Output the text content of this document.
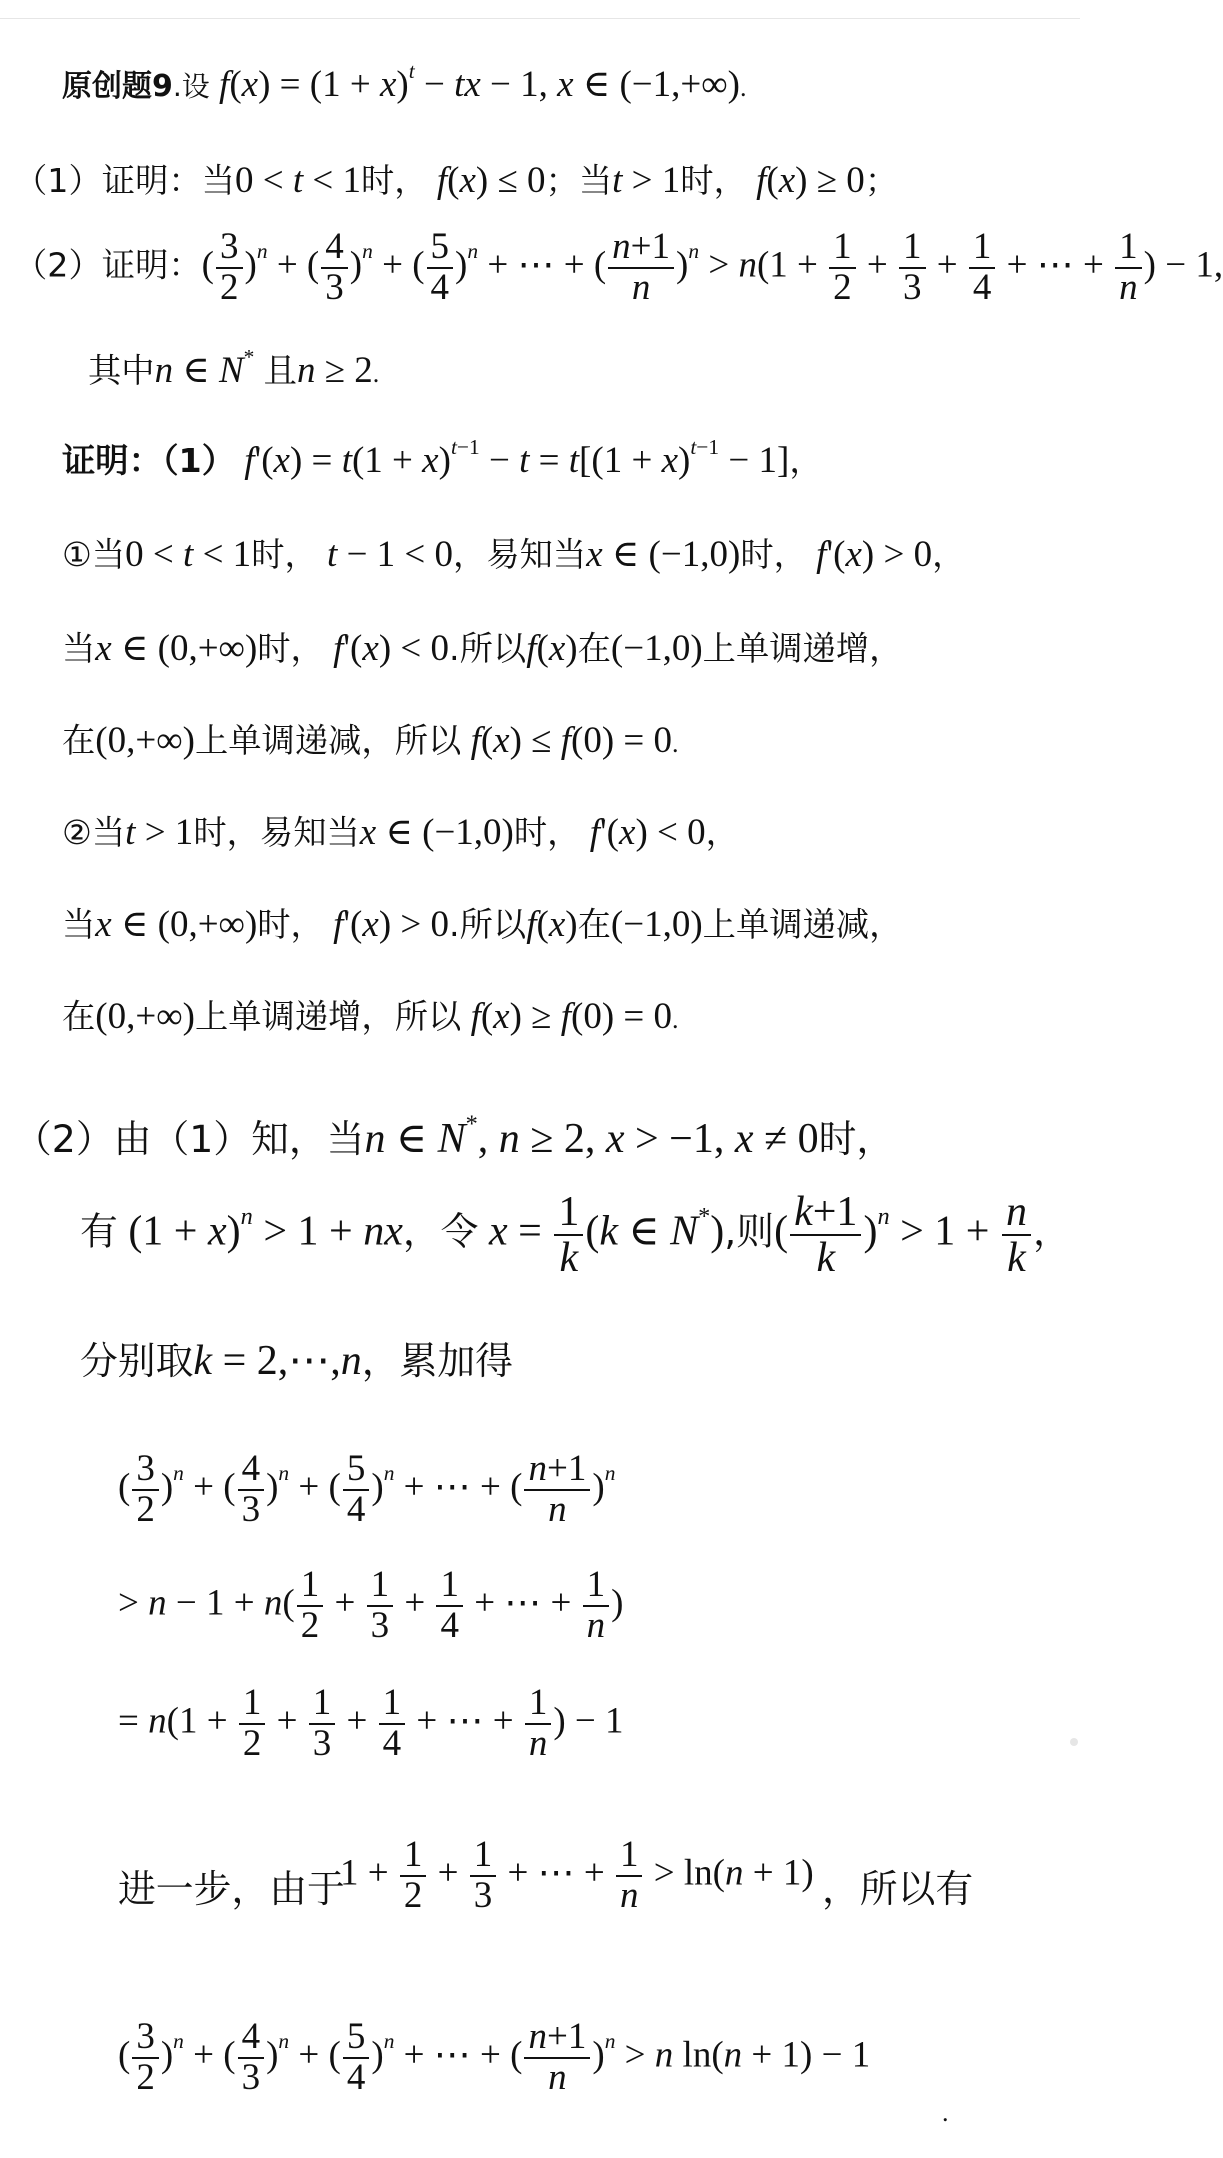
原创题9.设 $f(x) = (1 + x)^t$ − tx − 1, x ∈ (−1,+∞).
（1）证明：当0 < t < 1时， f(x) ≤ 0；当t > 1时， f(x) ≥ 0；
（2）证明：( $\frac{3}{2} )^n$ + ( $\frac{4}{3} )^n$ + ( $\frac{5}{4} )^n$ + ⋯ + ( $\frac{n+1}{n} )^n > n(1 + \frac{1}{2} + \frac{1}{3} + \frac{1}{4}$ + ⋯ + $\frac{1}{n}$ ) − 1,
其中n ∈ N* 且n ≥ 2.
证明：（1） $f'(x) = t(1 + x)^{t-1} - t = t[(1 + x)^{t-1} - 1]$，
①当0 < t < 1时， t − 1 < 0，易知当x ∈ (−1,0)时， f'(x) > 0，
当x ∈ (0,+∞)时， f'(x) < 0.所以f(x)在(−1,0)上单调递增，
在(0,+∞)上单调递减，所以 f(x) ≤ f(0) = 0.
②当t > 1时，易知当x ∈ (−1,0)时， f'(x) < 0，
当x ∈ (0,+∞)时， f'(x) > 0.所以f(x)在(−1,0)上单调递减，
在(0,+∞)上单调递增，所以 f(x) ≥ f(0) = 0.
（2）由（1）知，当n ∈ N*, n ≥ 2, x > −1, x ≠ 0时，
有 $(1 + x)^n > 1$ + nx，令 $x = \frac{1}{k} (k$ ∈ N*),则( $\frac{k+1}{k} )^n > 1 + \frac{n}{k}$ ，
分别取k = 2,⋯,n，累加得
( $\frac{3}{2} )^n$ + ( $\frac{4}{3} )^n$ + ( $\frac{5}{4} )^n$ + ⋯ + ( $\frac{n+1}{n} )^n$
> $n - 1 + n( \frac{1}{2} + \frac{1}{3} + \frac{1}{4}$ + ⋯ + $\frac{1}{n}$ )
= $n(1 + \frac{1}{2} + \frac{1}{3} + \frac{1}{4}$ + ⋯ + $\frac{1}{n}$ ) − 1
$1 + \frac{1}{2} + \frac{1}{3}$ + ⋯ + $\frac{1}{n} > \ln(n + 1)$
进一步，由于	，所以有
( $\frac{3}{2} )^n$ + ( $\frac{4}{3} )^n$ + ( $\frac{5}{4} )^n$ + ⋯ + ( $\frac{n+1}{n} )^n > n$ ln(n + 1) − 1
.
